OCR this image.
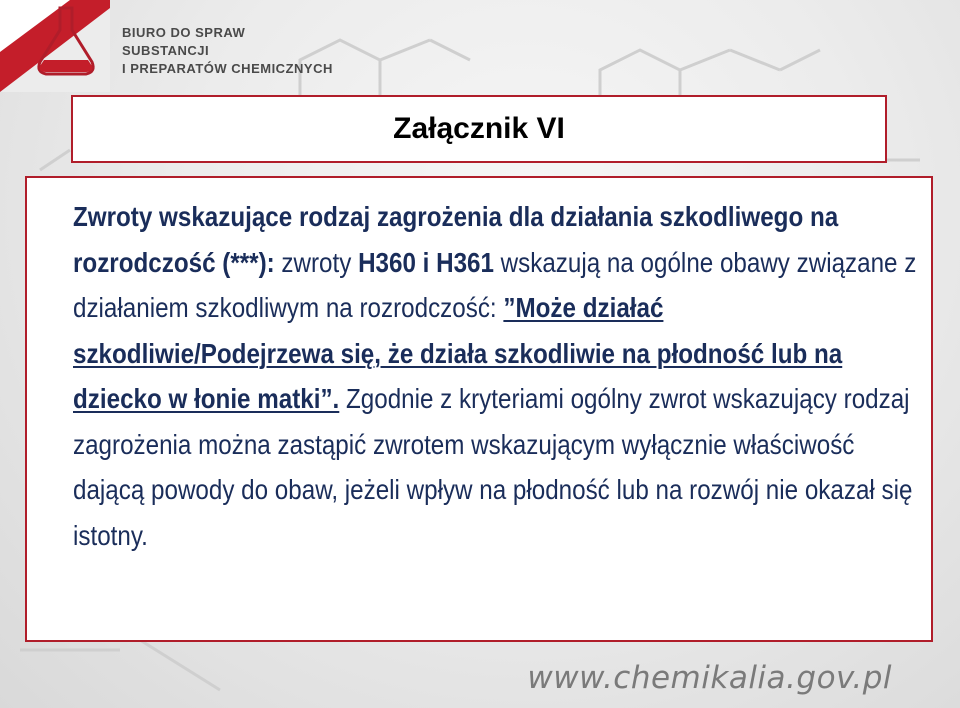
BIURO DO SPRAW
SUBSTANCJI
I PREPARATÓW CHEMICZNYCH
Załącznik VI
Zwroty wskazujące rodzaj zagrożenia dla działania szkodliwego na rozrodczość (***): zwroty H360 i H361 wskazują na ogólne obawy związane z działaniem szkodliwym na rozrodczość: ”Może działać szkodliwie/Podejrzewa się, że działa szkodliwie na płodność lub na dziecko w łonie matki”. Zgodnie z kryteriami ogólny zwrot wskazujący rodzaj zagrożenia można zastąpić zwrotem wskazującym wyłącznie właściwość dającą powody do obaw, jeżeli wpływ na płodność lub na rozwój nie okazał się istotny.
www.chemikalia.gov.pl
